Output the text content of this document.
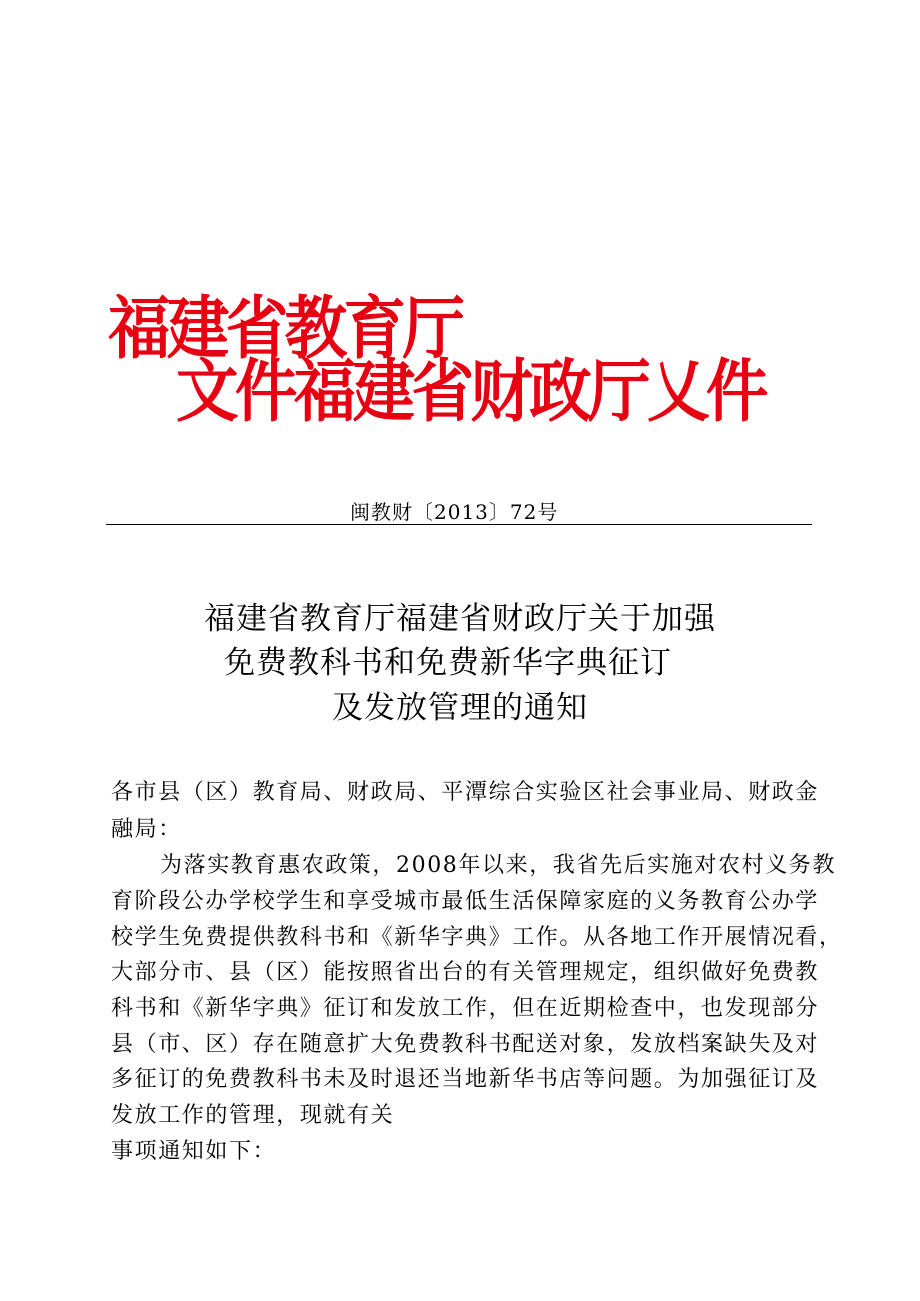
福建省教育厅
文件福建省财政厅乂件
闽教财〔2013〕72号
福建省教育厅福建省财政厅关于加强
免费教科书和免费新华字典征订
及发放管理的通知
各市县（区）教育局、财政局、平潭综合实验区社会事业局、财政金
融局：
为落实教育惠农政策，2008年以来，我省先后实施对农村义务教
育阶段公办学校学生和享受城市最低生活保障家庭的义务教育公办学
校学生免费提供教科书和《新华字典》工作。从各地工作开展情况看，
大部分市、县（区）能按照省出台的有关管理规定，组织做好免费教
科书和《新华字典》征订和发放工作，但在近期检查中，也发现部分
县（市、区）存在随意扩大免费教科书配送对象，发放档案缺失及对
多征订的免费教科书未及时退还当地新华书店等问题。为加强征订及
发放工作的管理，现就有关
事项通知如下：
